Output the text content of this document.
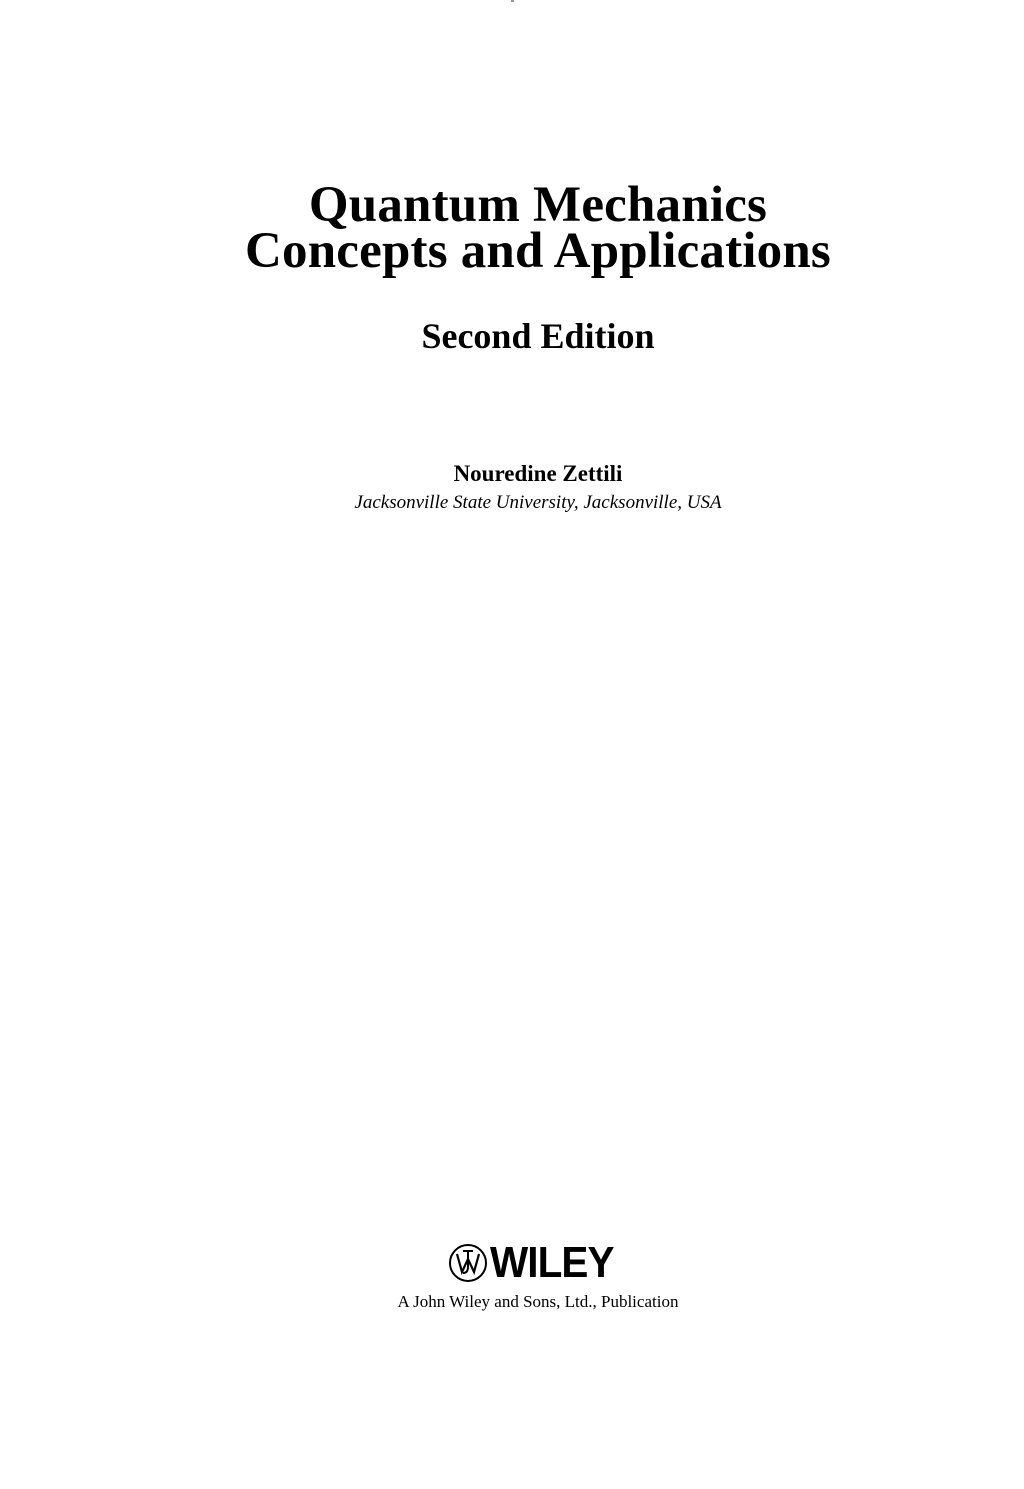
Quantum Mechanics
Concepts and Applications
Second Edition
Nouredine Zettili
Jacksonville State University, Jacksonville, USA
WILEY
A John Wiley and Sons, Ltd., Publication
